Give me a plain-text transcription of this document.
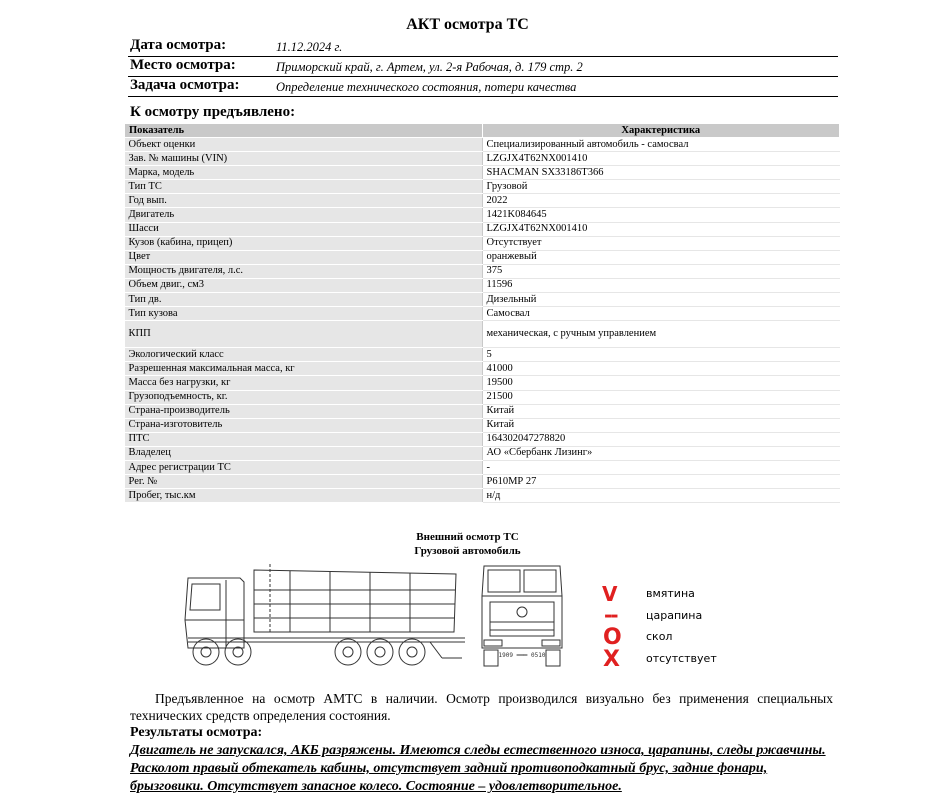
АКТ осмотра ТС
Дата осмотра:	11.12.2024 г.
Место осмотра:	Приморский край, г. Артем, ул. 2-я Рабочая, д. 179 стр. 2
Задача осмотра:	Определение технического состояния, потери качества
К осмотру предъявлено:
Показатель	Характеристика
Объект оценки	Специализированный автомобиль - самосвал
Зав. № машины (VIN)	LZGJX4T62NX001410
Марка, модель	SHACMAN SX33186T366
Тип ТС	Грузовой
Год вып.	2022
Двигатель	1421K084645
Шасси	LZGJX4T62NX001410
Кузов (кабина, прицеп)	Отсутствует
Цвет	оранжевый
Мощность двигателя, л.с.	375
Объем двиг., см3	11596
Тип дв.	Дизельный
Тип кузова	Самосвал
КПП	механическая, с ручным управлением
Экологический класс	5
Разрешенная максимальная масса, кг	41000
Масса без нагрузки, кг	19500
Грузоподъемность, кг.	21500
Страна-производитель	Китай
Страна-изготовитель	Китай
ПТС	164302047278820
Владелец	АО «Сбербанк Лизинг»
Адрес регистрации ТС	-
Рег. №	Р610МР 27
Пробег, тыс.км	н/д
Внешний осмотр ТС
Грузовой автомобиль
1909 ═══ 0510
V	вмятина
--	царапина
O скол
X отсутствует
Предъявленное на осмотр АМТС в наличии. Осмотр производился визуально без применения специальных технических средств определения состояния.
Результаты осмотра:
Двигатель не запускался, АКБ разряжены. Имеются следы естественного износа, царапины, следы ржавчины. Расколот правый обтекатель кабины, отсутствует задний противоподкатный брус, задние фонари, брызговики. Отсутствует запасное колесо. Состояние – удовлетворительное.
